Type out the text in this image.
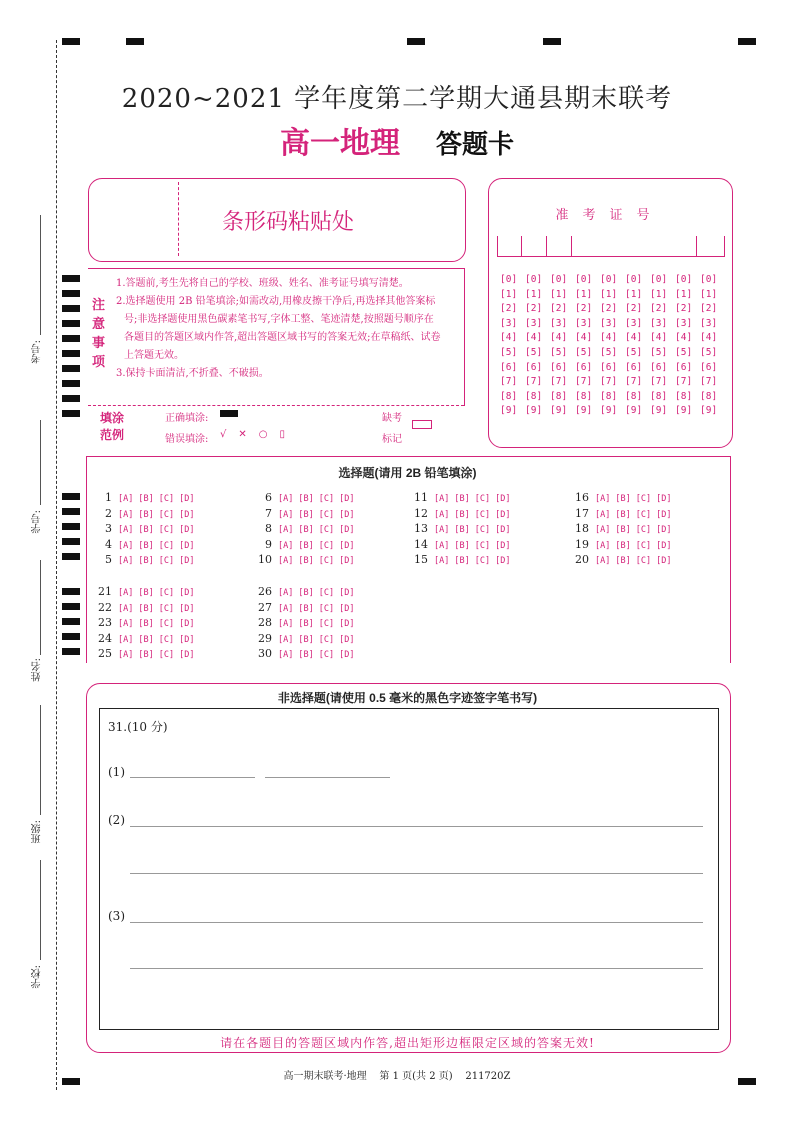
考号:
学号:
姓名:
班级:
学校:
2020~2021 学年度第二学期大通县期末联考
高一地理 答题卡
条形码粘贴处
注
意
事
项
1.答题前,考生先将自己的学校、班级、姓名、准考证号填写清楚。
2.选择题使用 2B 铅笔填涂;如需改动,用橡皮擦干净后,再选择其他答案标
号;非选择题使用黑色碳素笔书写,字体工整、笔迹清楚,按照题号顺序在
各题目的答题区域内作答,超出答题区域书写的答案无效;在草稿纸、试卷
上答题无效。
3.保持卡面清洁,不折叠、不破损。
填涂
范例
正确填涂:
错误填涂: √✕○▯
缺考
标记
准考证号
[0]
[1]
[2]
[3]
[4]
[5]
[6]
[7]
[8]
[9]
[0]
[1]
[2]
[3]
[4]
[5]
[6]
[7]
[8]
[9]
[0]
[1]
[2]
[3]
[4]
[5]
[6]
[7]
[8]
[9]
[0]
[1]
[2]
[3]
[4]
[5]
[6]
[7]
[8]
[9]
[0]
[1]
[2]
[3]
[4]
[5]
[6]
[7]
[8]
[9]
[0]
[1]
[2]
[3]
[4]
[5]
[6]
[7]
[8]
[9]
[0]
[1]
[2]
[3]
[4]
[5]
[6]
[7]
[8]
[9]
[0]
[1]
[2]
[3]
[4]
[5]
[6]
[7]
[8]
[9]
[0]
[1]
[2]
[3]
[4]
[5]
[6]
[7]
[8]
[9]
选择题(请用 2B 铅笔填涂)
1 [A] [B] [C] [D]
2 [A] [B] [C] [D]
3 [A] [B] [C] [D]
4 [A] [B] [C] [D]
5 [A] [B] [C] [D]
6 [A] [B] [C] [D]
7 [A] [B] [C] [D]
8 [A] [B] [C] [D]
9 [A] [B] [C] [D]
10 [A] [B] [C] [D]
11 [A] [B] [C] [D]
12 [A] [B] [C] [D]
13 [A] [B] [C] [D]
14 [A] [B] [C] [D]
15 [A] [B] [C] [D]
16 [A] [B] [C] [D]
17 [A] [B] [C] [D]
18 [A] [B] [C] [D]
19 [A] [B] [C] [D]
20 [A] [B] [C] [D]
21 [A] [B] [C] [D]
22 [A] [B] [C] [D]
23 [A] [B] [C] [D]
24 [A] [B] [C] [D]
25 [A] [B] [C] [D]
26 [A] [B] [C] [D]
27 [A] [B] [C] [D]
28 [A] [B] [C] [D]
29 [A] [B] [C] [D]
30 [A] [B] [C] [D]
非选择题(请使用 0.5 毫米的黑色字迹签字笔书写)
31.(10 分)
(1)
(2)
(3)
请在各题目的答题区域内作答,超出矩形边框限定区域的答案无效!
高一期末联考·地理    第 1 页(共 2 页)    211720Z
